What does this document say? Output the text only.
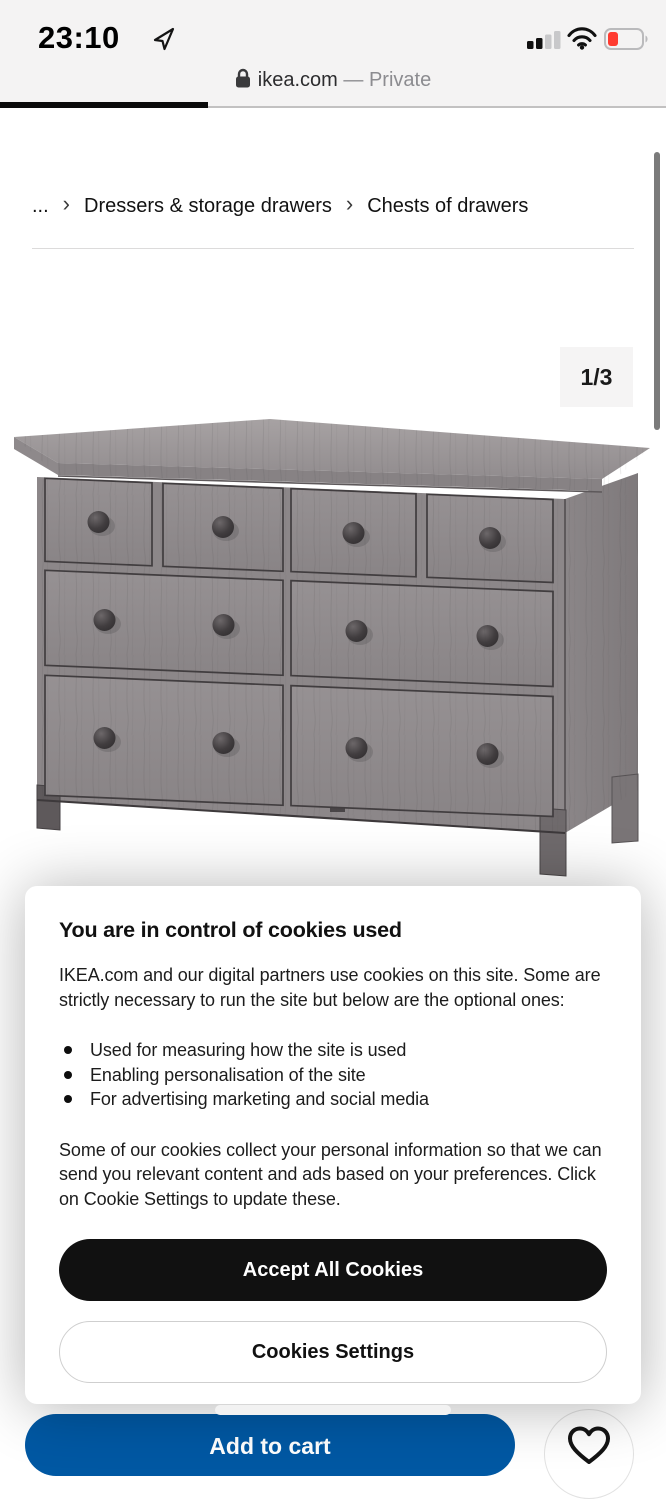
23:10
ikea.com — Private
... › Dressers & storage drawers › Chests of drawers
1/3
You are in control of cookies used

IKEA.com and our digital partners use cookies on this site. Some are strictly necessary to run the site but below are the optional ones:

Used for measuring how the site is used
Enabling personalisation of the site
For advertising marketing and social media

Some of our cookies collect your personal information so that we can send you relevant content and ads based on your preferences. Click on Cookie Settings to update these.

Accept All Cookies
Cookies Settings
Add to cart
